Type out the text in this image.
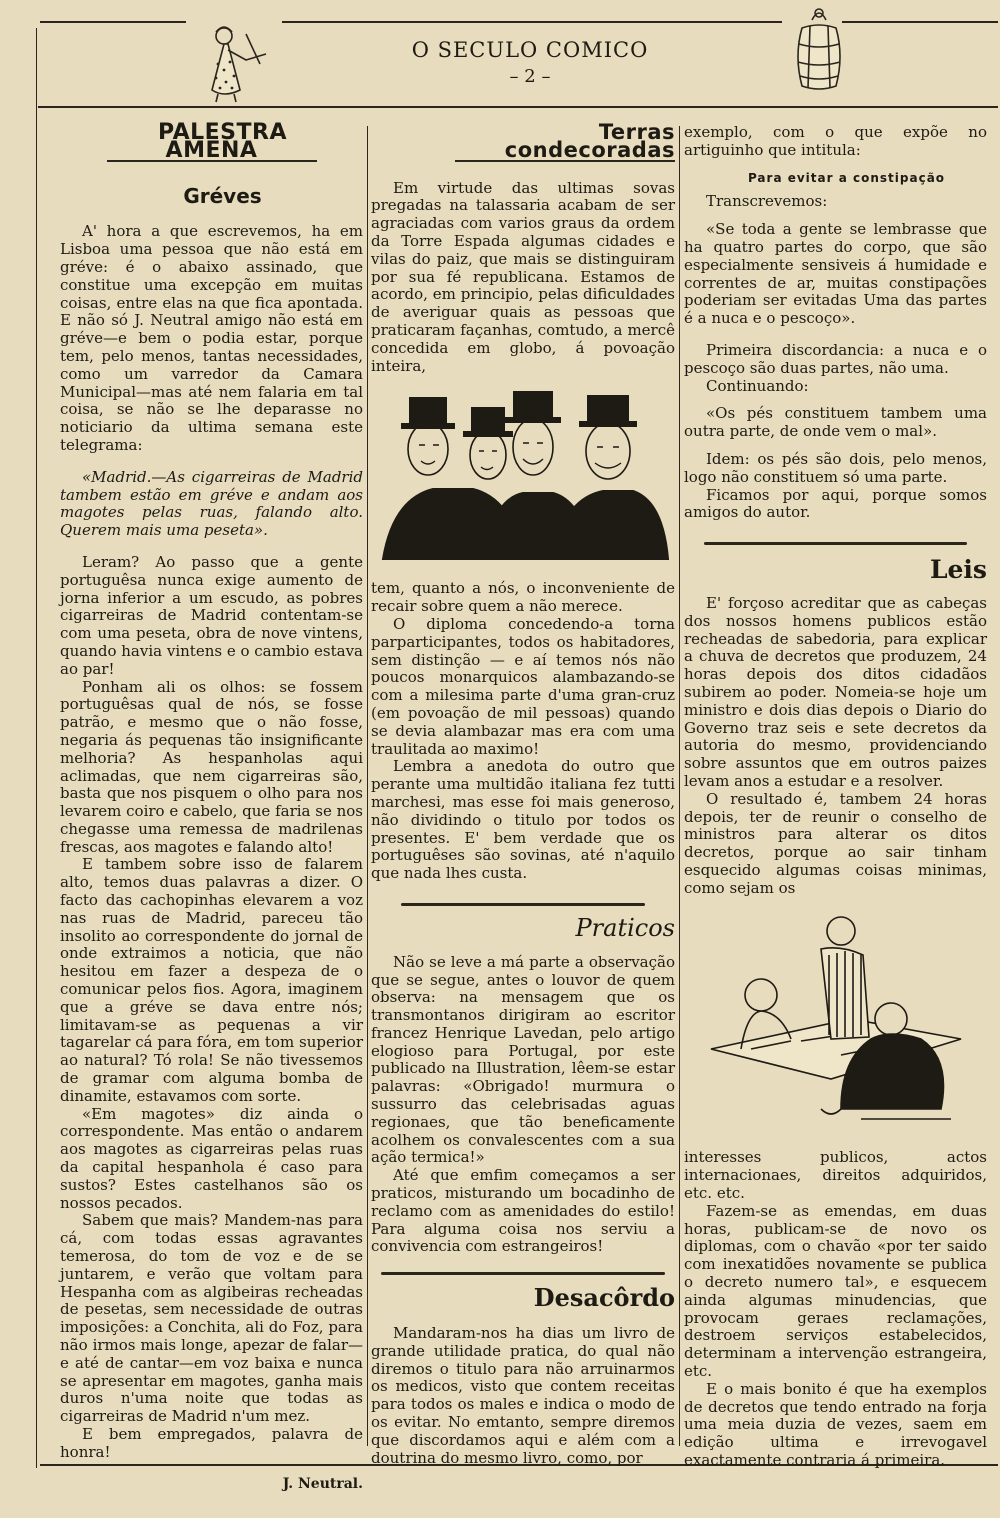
O SECULO COMICO
– 2 –

PALESTRA AMENA

Gréves

A' hora a que escrevemos, ha em Lisboa uma pessoa que não está em gréve: é o abaixo assinado, que constitue uma excepção em muitas coisas, entre elas na que fica apontada. E não só J. Neutral amigo não está em gréve—e bem o podia estar, porque tem, pelo menos, tantas necessidades, como um varredor da Camara Municipal—mas até nem falaria em tal coisa, se não se lhe deparasse no noticiario da ultima semana este telegrama:

«Madrid.—As cigarreiras de Madrid tambem estão em gréve e andam aos magotes pelas ruas, falando alto. Querem mais uma peseta».

Leram? Ao passo que a gente portuguêsa nunca exige aumento de jorna inferior a um escudo, as pobres cigarreiras de Madrid contentam-se com uma peseta, obra de nove vintens, quando havia vintens e o cambio estava ao par!

Ponham ali os olhos: se fossem portuguêsas qual de nós, se fosse patrão, e mesmo que o não fosse, negaria ás pequenas tão insignificante melhoria? As hespanholas aqui aclimadas, que nem cigarreiras são, basta que nos pisquem o olho para nos levarem coiro e cabelo, que faria se nos chegasse uma remessa de madrilenas frescas, aos magotes e falando alto!

E tambem sobre isso de falarem alto, temos duas palavras a dizer. O facto das cachopinhas elevarem a voz nas ruas de Madrid, pareceu tão insolito ao correspondente do jornal de onde extraimos a noticia, que não hesitou em fazer a despeza de o comunicar pelos fios. Agora, imaginem que a gréve se dava entre nós; limitavam-se as pequenas a vir tagarelar cá para fóra, em tom superior ao natural? Tó rola! Se não tivessemos de gramar com alguma bomba de dinamite, estavamos com sorte.

«Em magotes» diz ainda o correspondente. Mas então o andarem aos magotes as cigarreiras pelas ruas da capital hespanhola é caso para sustos? Estes castelhanos são os nossos pecados.

Sabem que mais? Mandem-nas para cá, com todas essas agravantes temerosa, do tom de voz e de se juntarem, e verão que voltam para Hespanha com as algibeiras recheadas de pesetas, sem necessidade de outras imposições: a Conchita, ali do Foz, para não irmos mais longe, apezar de falar—e até de cantar—em voz baixa e nunca se apresentar em magotes, ganha mais duros n'uma noite que todas as cigarreiras de Madrid n'um mez.

E bem empregados, palavra de honra!

J. Neutral.

Terras condecoradas

Em virtude das ultimas sovas pregadas na talassaria acabam de ser agraciadas com varios graus da ordem da Torre Espada algumas cidades e vilas do paiz, que mais se distinguiram por sua fé republicana. Estamos de acordo, em principio, pelas dificuldades de averiguar quais as pessoas que praticaram façanhas, comtudo, a mercê concedida em globo, á povoação inteira,

tem, quanto a nós, o inconveniente de recair sobre quem a não merece.

O diploma concedendo-a torna parparticipantes, todos os habitadores, sem distinção — e aí temos nós não poucos monarquicos alambazando-se com a milesima parte d'uma gran-cruz (em povoação de mil pessoas) quando se devia alambazar mas era com uma traulitada ao maximo!

Lembra a anedota do outro que perante uma multidão italiana fez tutti marchesi, mas esse foi mais generoso, não dividindo o titulo por todos os presentes. E' bem verdade que os portuguêses são sovinas, até n'aquilo que nada lhes custa.

Praticos

Não se leve a má parte a observação que se segue, antes o louvor de quem observa: na mensagem que os transmontanos dirigiram ao escritor francez Henrique Lavedan, pelo artigo elogioso para Portugal, por este publicado na Illustration, lêem-se estar palavras: «Obrigado! murmura o sussurro das celebrisadas aguas regionaes, que tão beneficamente acolhem os convalescentes com a sua ação termica!»

Até que emfim começamos a ser praticos, misturando um bocadinho de reclamo com as amenidades do estilo! Para alguma coisa nos serviu a convivencia com estrangeiros!

Desacôrdo

Mandaram-nos ha dias um livro de grande utilidade pratica, do qual não diremos o titulo para não arruinarmos os medicos, visto que contem receitas para todos os males e indica o modo de os evitar. No emtanto, sempre diremos que discordamos aqui e além com a doutrina do mesmo livro, como, por

exemplo, com o que expõe no artiguinho que intitula:

Para evitar a constipação

Transcrevemos:

«Se toda a gente se lembrasse que ha quatro partes do corpo, que são especialmente sensiveis á humidade e correntes de ar, muitas constipações poderiam ser evitadas Uma das partes é a nuca e o pescoço».

Primeira discordancia: a nuca e o pescoço são duas partes, não uma.

Continuando:

«Os pés constituem tambem uma outra parte, de onde vem o mal».

Idem: os pés são dois, pelo menos, logo não constituem só uma parte.

Ficamos por aqui, porque somos amigos do autor.

Leis

E' forçoso acreditar que as cabeças dos nossos homens publicos estão recheadas de sabedoria, para explicar a chuva de decretos que produzem, 24 horas depois dos ditos cidadãos subirem ao poder. Nomeia-se hoje um ministro e dois dias depois o Diario do Governo traz seis e sete decretos da autoria do mesmo, providenciando sobre assuntos que em outros paizes levam anos a estudar e a resolver.

O resultado é, tambem 24 horas depois, ter de reunir o conselho de ministros para alterar os ditos decretos, porque ao sair tinham esquecido algumas coisas minimas, como sejam os

interesses publicos, actos internacionaes, direitos adquiridos, etc. etc.

Fazem-se as emendas, em duas horas, publicam-se de novo os diplomas, com o chavão «por ter saido com inexatidões novamente se publica o decreto numero tal», e esquecem ainda algumas minudencias, que provocam geraes reclamações, destroem serviços estabelecidos, determinam a intervenção estrangeira, etc.

E o mais bonito é que ha exemplos de decretos que tendo entrado na forja uma meia duzia de vezes, saem em edição ultima e irrevogavel exactamente contraria á primeira.
